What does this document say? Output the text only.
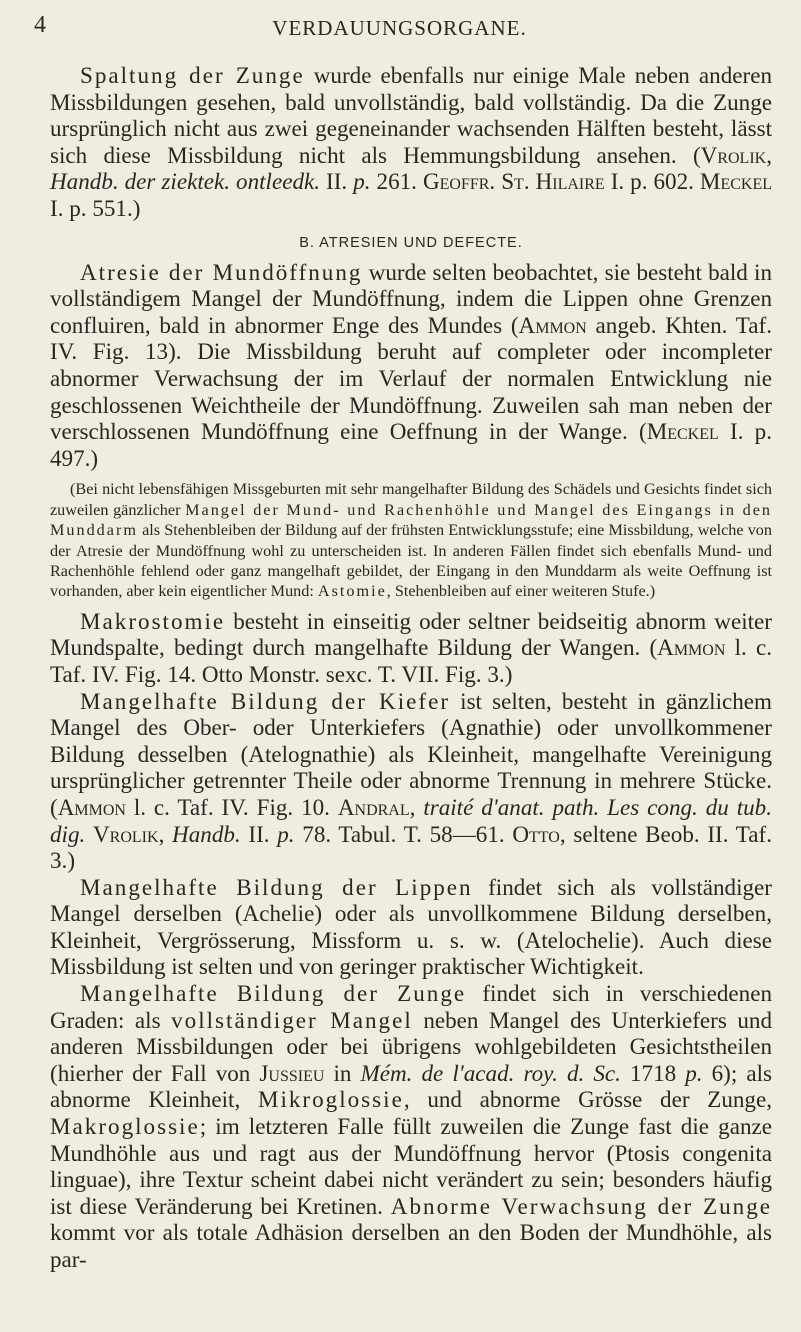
4	VERDAUUNGSORGANE.

Spaltung der Zunge wurde ebenfalls nur einige Male neben anderen Missbildungen gesehen, bald unvollständig, bald vollständig. Da die Zunge ursprünglich nicht aus zwei gegeneinander wachsenden Hälften besteht, lässt sich diese Missbildung nicht als Hemmungsbildung ansehen. (Vrolik, Handb. der ziektek. ontleedk. II. p. 261. Geoffr. St. Hilaire I. p. 602. Meckel I. p. 551.)

B. ATRESIEN UND DEFECTE.

Atresie der Mundöffnung wurde selten beobachtet, sie besteht bald in vollständigem Mangel der Mundöffnung, indem die Lippen ohne Grenzen confluiren, bald in abnormer Enge des Mundes (Ammon angeb. Khten. Taf. IV. Fig. 13). Die Missbildung beruht auf completer oder incompleter abnormer Verwachsung der im Verlauf der normalen Entwicklung nie geschlossenen Weichtheile der Mundöffnung. Zuweilen sah man neben der verschlossenen Mundöffnung eine Oeffnung in der Wange. (Meckel I. p. 497.)

(Bei nicht lebensfähigen Missgeburten mit sehr mangelhafter Bildung des Schädels und Gesichts findet sich zuweilen gänzlicher Mangel der Mund- und Rachenhöhle und Mangel des Eingangs in den Munddarm als Stehenbleiben der Bildung auf der frühsten Entwicklungsstufe; eine Missbildung, welche von der Atresie der Mundöffnung wohl zu unterscheiden ist. In anderen Fällen findet sich ebenfalls Mund- und Rachenhöhle fehlend oder ganz mangelhaft gebildet, der Eingang in den Munddarm als weite Oeffnung ist vorhanden, aber kein eigentlicher Mund: Astomie, Stehenbleiben auf einer weiteren Stufe.)

Makrostomie besteht in einseitig oder seltner beidseitig abnorm weiter Mundspalte, bedingt durch mangelhafte Bildung der Wangen. (Ammon l. c. Taf. IV. Fig. 14. Otto Monstr. sexc. T. VII. Fig. 3.)

Mangelhafte Bildung der Kiefer ist selten, besteht in gänzlichem Mangel des Ober- oder Unterkiefers (Agnathie) oder unvollkommener Bildung desselben (Atelognathie) als Kleinheit, mangelhafte Vereinigung ursprünglicher getrennter Theile oder abnorme Trennung in mehrere Stücke. (Ammon l. c. Taf. IV. Fig. 10. Andral, traité d'anat. path. Les cong. du tub. dig. Vrolik, Handb. II. p. 78. Tabul. T. 58—61. Otto, seltene Beob. II. Taf. 3.)

Mangelhafte Bildung der Lippen findet sich als vollständiger Mangel derselben (Achelie) oder als unvollkommene Bildung derselben, Kleinheit, Vergrösserung, Missform u. s. w. (Atelochelie). Auch diese Missbildung ist selten und von geringer praktischer Wichtigkeit.

Mangelhafte Bildung der Zunge findet sich in verschiedenen Graden: als vollständiger Mangel neben Mangel des Unterkiefers und anderen Missbildungen oder bei übrigens wohlgebildeten Gesichtstheilen (hierher der Fall von Jussieu in Mém. de l'acad. roy. d. Sc. 1718 p. 6); als abnorme Kleinheit, Mikroglossie, und abnorme Grösse der Zunge, Makroglossie; im letzteren Falle füllt zuweilen die Zunge fast die ganze Mundhöhle aus und ragt aus der Mundöffnung hervor (Ptosis congenita linguae), ihre Textur scheint dabei nicht verändert zu sein; besonders häufig ist diese Veränderung bei Kretinen. Abnorme Verwachsung der Zunge kommt vor als totale Adhäsion derselben an den Boden der Mundhöhle, als par-
